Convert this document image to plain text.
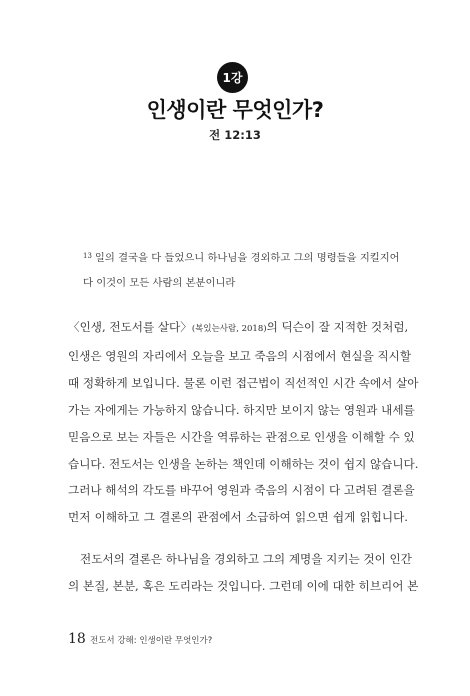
1강
인생이란 무엇인가?
전 12:13
$^{13}$ 일의 결국을 다 들었으니 하나님을 경외하고 그의 명령들을 지킬지어
다 이것이 모든 사람의 본분이니라
〈인생, 전도서를 살다〉(복있는사람, 2018)의 딕슨이 잘 지적한 것처럼,
인생은 영원의 자리에서 오늘을 보고 죽음의 시점에서 현실을 직시할
때 정확하게 보입니다. 물론 이런 접근법이 직선적인 시간 속에서 살아
가는 자에게는 가능하지 않습니다. 하지만 보이지 않는 영원과 내세를
믿음으로 보는 자들은 시간을 역류하는 관점으로 인생을 이해할 수 있
습니다. 전도서는 인생을 논하는 책인데 이해하는 것이 쉽지 않습니다.
그러나 해석의 각도를 바꾸어 영원과 죽음의 시점이 다 고려된 결론을
먼저 이해하고 그 결론의 관점에서 소급하여 읽으면 쉽게 읽힙니다.
전도서의 결론은 하나님을 경외하고 그의 계명을 지키는 것이 인간
의 본질, 본분, 혹은 도리라는 것입니다. 그런데 이에 대한 히브리어 본
18 전도서 강해: 인생이란 무엇인가?
